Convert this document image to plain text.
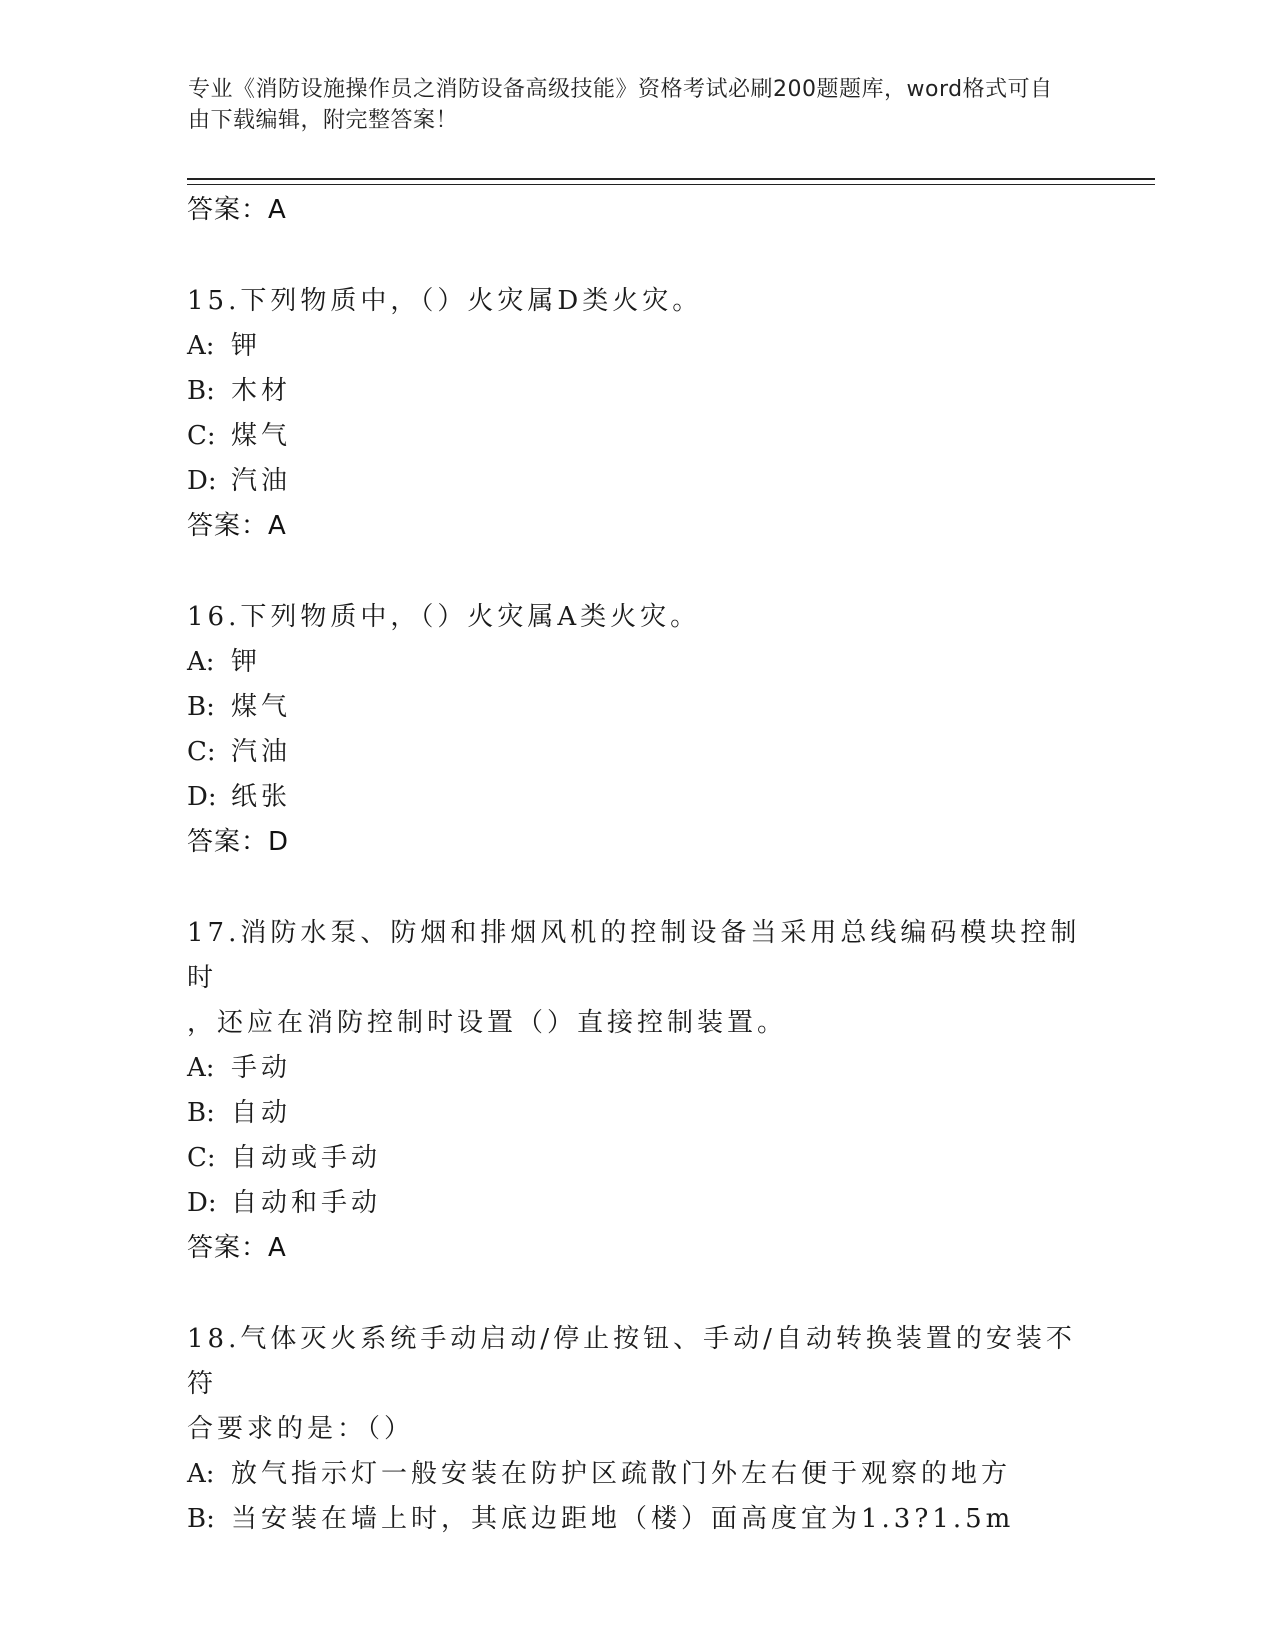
专业《消防设施操作员之消防设备高级技能》资格考试必刷200题题库，word格式可自由下载编辑，附完整答案！
答案：A
15.下列物质中，（）火灾属D类火灾。
A: 钾
B: 木材
C: 煤气
D: 汽油
答案：A
16.下列物质中，（）火灾属A类火灾。
A: 钾
B: 煤气
C: 汽油
D: 纸张
答案：D
17.消防水泵、防烟和排烟风机的控制设备当采用总线编码模块控制时
，还应在消防控制时设置（）直接控制装置。
A: 手动
B: 自动
C: 自动或手动
D: 自动和手动
答案：A
18.气体灭火系统手动启动/停止按钮、手动/自动转换装置的安装不符
合要求的是：（）
A: 放气指示灯一般安装在防护区疏散门外左右便于观察的地方
B: 当安装在墙上时，其底边距地（楼）面高度宜为1.3?1.5m
